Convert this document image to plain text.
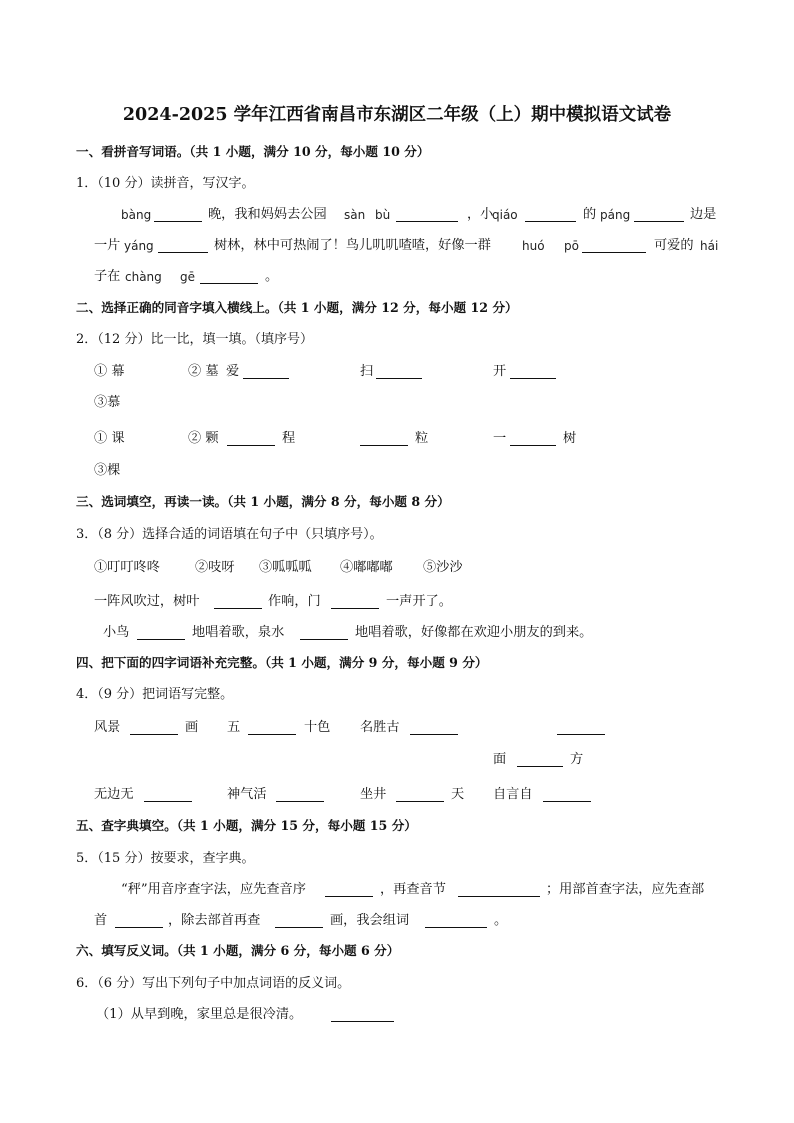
2024-2025 学年江西省南昌市东湖区二年级（上）期中模拟语文试卷
一、看拼音写词语。（共 1 小题，满分 10 分，每小题 10 分）
1．（10 分）读拼音，写汉字。
bàng	晚，我和妈妈去公园 sàn bù	，小
qiáo	的 páng	边是
一片 yáng	树林，林中可热闹了！鸟儿叽叽喳喳，好像一群	huó pō	可爱的 hái
子在 chàng gē	。
二、选择正确的同音字填入横线上。（共 1 小题，满分 12 分，每小题 12 分）
2．（12 分）比一比，填一填。（填序号）
① 幕	② 墓 爱	扫	开
③慕
① 课	② 颗	程	粒	一	树
③棵
三、选词填空，再读一读。（共 1 小题，满分 8 分，每小题 8 分）
3．（8 分）选择合适的词语填在句子中（只填序号）。
①叮叮咚咚	②吱呀 ③呱呱呱 ④嘟嘟嘟 ⑤沙沙
一阵风吹过，树叶	作响，门	一声开了。
小鸟	地唱着歌，泉水	地唱着歌，好像都在欢迎小朋友的到来。
四、把下面的四字词语补充完整。（共 1 小题，满分 9 分，每小题 9 分）
4．（9 分）把词语写完整。
风景	画 五	十色 名胜古
面	方
无边无	神气活	坐井	天 自言自
五、查字典填空。（共 1 小题，满分 15 分，每小题 15 分）
5．（15 分）按要求，查字典。
“秤”用音序查字法，应先查音序	，再查音节	；用部首查字法，应先查部
首	，除去部首再查	画，我会组词	。
六、填写反义词。（共 1 小题，满分 6 分，每小题 6 分）
6．（6 分）写出下列句子中加点词语的反义词。
（1）从早到晚，家里总是很冷清。
